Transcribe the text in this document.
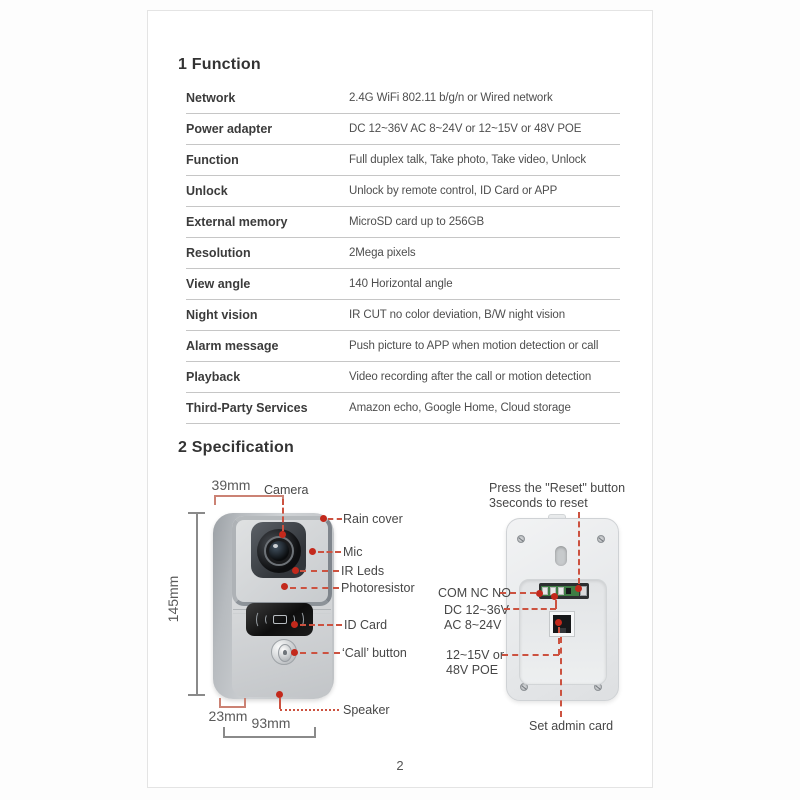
1 Function
Network	2.4G WiFi 802.11 b/g/n or Wired network
Power adapter	DC 12~36V AC 8~24V or 12~15V or 48V POE
Function	Full duplex talk, Take photo, Take video, Unlock
Unlock	Unlock by remote control, ID Card or APP
External memory	MicroSD card up to 256GB
Resolution	2Mega pixels
View angle	140 Horizontal angle
Night vision	IR CUT no color deviation, B/W night vision
Alarm message	Push picture to APP when motion detection or call
Playback	Video recording after the call or motion detection
Third-Party Services	Amazon echo, Google Home, Cloud storage
2 Specification
39mm
145mm
23mm 93mm
Camera
Rain cover
Mic
IR Leds
Photoresistor
ID Card
‘Call’ button
Speaker
Press the "Reset" button
3seconds to reset
COM NC NO
DC 12~36V
AC 8~24V
12~15V or
48V POE
Set admin card
2
